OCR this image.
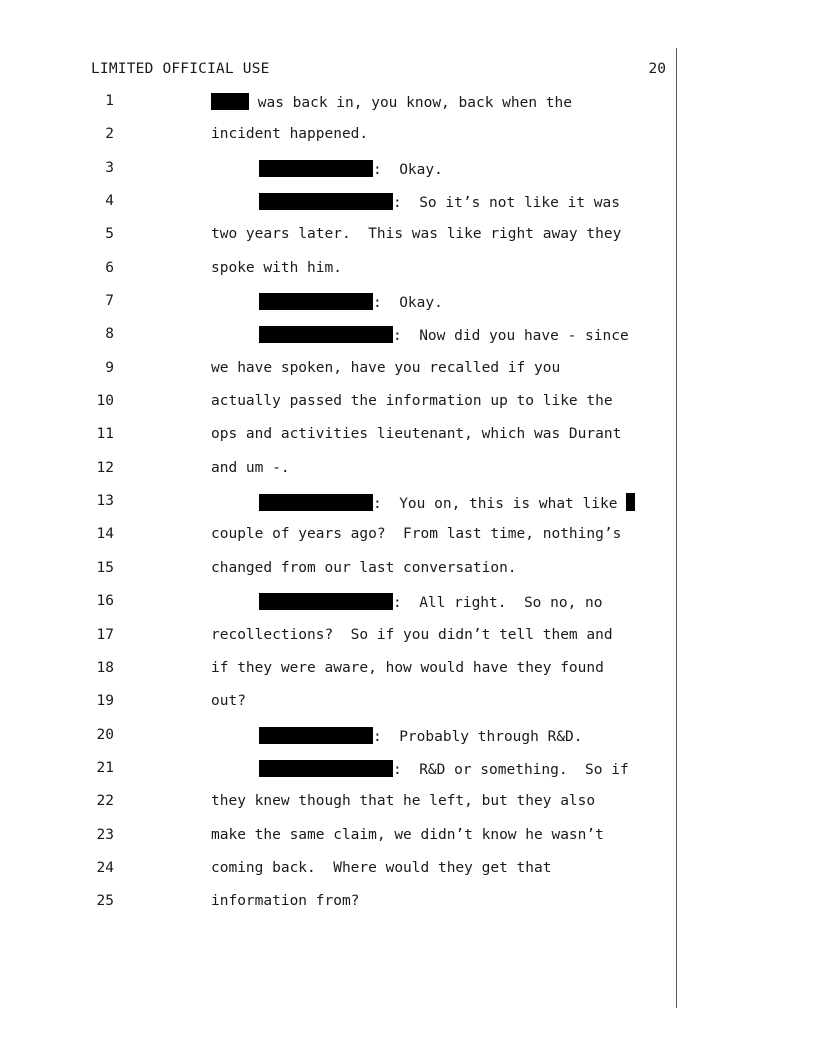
LIMITED OFFICIAL USE	20
1	was back in, you know, back when the
2	incident happened.
3	:  Okay.
4	:  So it’s not like it was
5	two years later.  This was like right away they
6	spoke with him.
7	:  Okay.
8	:  Now did you have - since
9	we have spoken, have you recalled if you
10	actually passed the information up to like the
11	ops and activities lieutenant, which was Durant
12	and um -.
13	:  You on, this is what like
14	couple of years ago?  From last time, nothing’s
15	changed from our last conversation.
16	:  All right.  So no, no
17	recollections?  So if you didn’t tell them and
18	if they were aware, how would have they found
19	out?
20	:  Probably through R&D.
21	:  R&D or something.  So if
22	they knew though that he left, but they also
23	make the same claim, we didn’t know he wasn’t
24	coming back.  Where would they get that
25	information from?
